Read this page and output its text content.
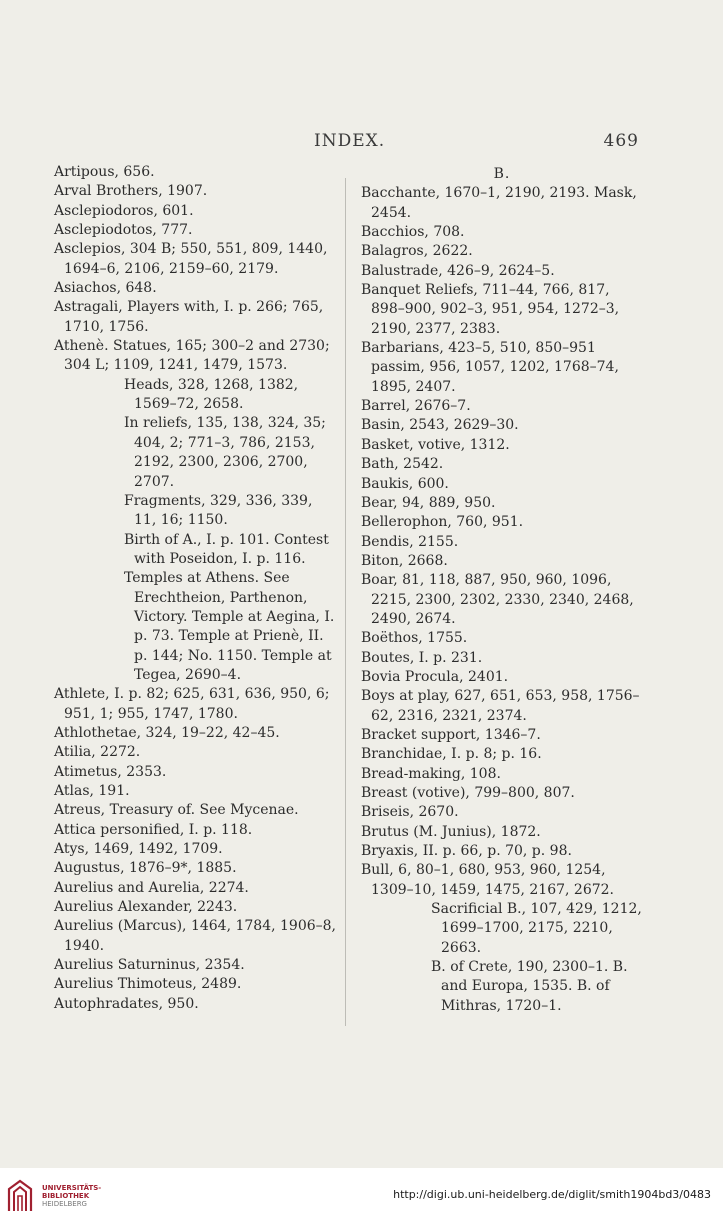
INDEX.	469
Artipous, 656.
Arval Brothers, 1907.
Asclepiodoros, 601.
Asclepiodotos, 777.
Asclepios, 304 B; 550, 551, 809, 1440, 1694–6, 2106, 2159–60, 2179.
Asiachos, 648.
Astragali, Players with, I. p. 266; 765, 1710, 1756.
Athenè. Statues, 165; 300–2 and 2730; 304 L; 1109, 1241, 1479, 1573.
Heads, 328, 1268, 1382, 1569–72, 2658.
In reliefs, 135, 138, 324, 35; 404, 2; 771–3, 786, 2153, 2192, 2300, 2306, 2700, 2707.
Fragments, 329, 336, 339, 11, 16; 1150.
Birth of A., I. p. 101. Contest with Poseidon, I. p. 116.
Temples at Athens. See Erechtheion, Parthenon, Victory. Temple at Aegina, I. p. 73. Temple at Prienè, II. p. 144; No. 1150. Temple at Tegea, 2690–4.
Athlete, I. p. 82; 625, 631, 636, 950, 6; 951, 1; 955, 1747, 1780.
Athlothetae, 324, 19–22, 42–45.
Atilia, 2272.
Atimetus, 2353.
Atlas, 191.
Atreus, Treasury of. See Mycenae.
Attica personified, I. p. 118.
Atys, 1469, 1492, 1709.
Augustus, 1876–9*, 1885.
Aurelius and Aurelia, 2274.
Aurelius Alexander, 2243.
Aurelius (Marcus), 1464, 1784, 1906–8, 1940.
Aurelius Saturninus, 2354.
Aurelius Thimoteus, 2489.
Autophradates, 950.
B.
Bacchante, 1670–1, 2190, 2193. Mask, 2454.
Bacchios, 708.
Balagros, 2622.
Balustrade, 426–9, 2624–5.
Banquet Reliefs, 711–44, 766, 817, 898–900, 902–3, 951, 954, 1272–3, 2190, 2377, 2383.
Barbarians, 423–5, 510, 850–951 passim, 956, 1057, 1202, 1768–74, 1895, 2407.
Barrel, 2676–7.
Basin, 2543, 2629–30.
Basket, votive, 1312.
Bath, 2542.
Baukis, 600.
Bear, 94, 889, 950.
Bellerophon, 760, 951.
Bendis, 2155.
Biton, 2668.
Boar, 81, 118, 887, 950, 960, 1096, 2215, 2300, 2302, 2330, 2340, 2468, 2490, 2674.
Boëthos, 1755.
Boutes, I. p. 231.
Bovia Procula, 2401.
Boys at play, 627, 651, 653, 958, 1756–62, 2316, 2321, 2374.
Bracket support, 1346–7.
Branchidae, I. p. 8; p. 16.
Bread-making, 108.
Breast (votive), 799–800, 807.
Briseis, 2670.
Brutus (M. Junius), 1872.
Bryaxis, II. p. 66, p. 70, p. 98.
Bull, 6, 80–1, 680, 953, 960, 1254, 1309–10, 1459, 1475, 2167, 2672.
Sacrificial B., 107, 429, 1212, 1699–1700, 2175, 2210, 2663.
B. of Crete, 190, 2300–1. B. and Europa, 1535. B. of Mithras, 1720–1.
UNIVERSITÄTS-
BIBLIOTHEK
HEIDELBERG
http://digi.ub.uni-heidelberg.de/diglit/smith1904bd3/0483
